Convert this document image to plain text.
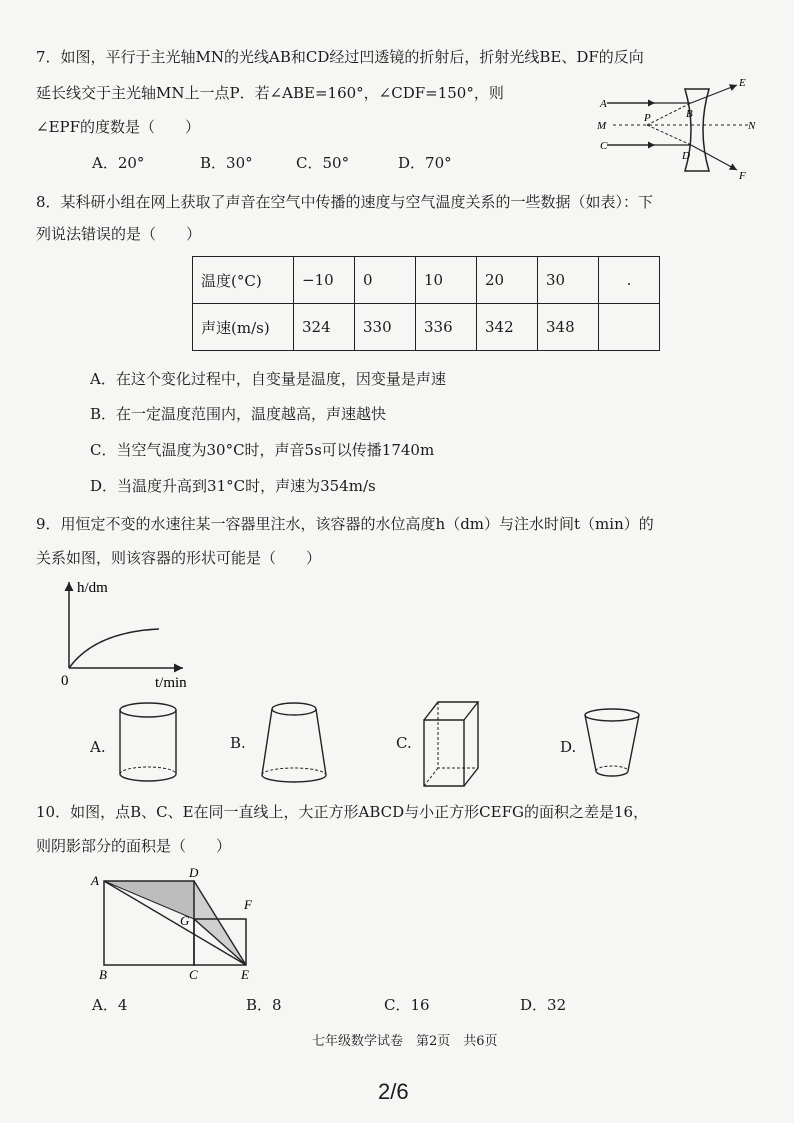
7．如图，平行于主光轴MN的光线AB和CD经过凹透镜的折射后，折射光线BE、DF的反向
延长线交于主光轴MN上一点P．若∠ABE=160°，∠CDF=150°，则
∠EPF的度数是（　　）
A．20°	B．30°	C．50°	D．70°
A
M
C
P	B
D
E
N
F
8．某科研小组在网上获取了声音在空气中传播的速度与空气温度关系的一些数据（如表）：下
列说法错误的是（　　）
温度(°C)	−10	0	10	20	30	.
声速(m/s)	324	330	336	342	348	
A．在这个变化过程中，自变量是温度，因变量是声速
B．在一定温度范围内，温度越高，声速越快
C．当空气温度为30°C时，声音5s可以传播1740m
D．当温度升高到31°C时，声速为354m/s
9．用恒定不变的水速往某一容器里注水，该容器的水位高度h（dm）与注水时间t（min）的
关系如图，则该容器的形状可能是（　　）
h/dm
t/min
0
A.	B.	C.	D.
10．如图，点B、C、E在同一直线上，大正方形ABCD与小正方形CEFG的面积之差是16，
则阴影部分的面积是（　　）
A
D
F
G
B	C	E
A．4	B．8	C．16	D．32
七年级数学试卷　第2页　共6页
2/6
